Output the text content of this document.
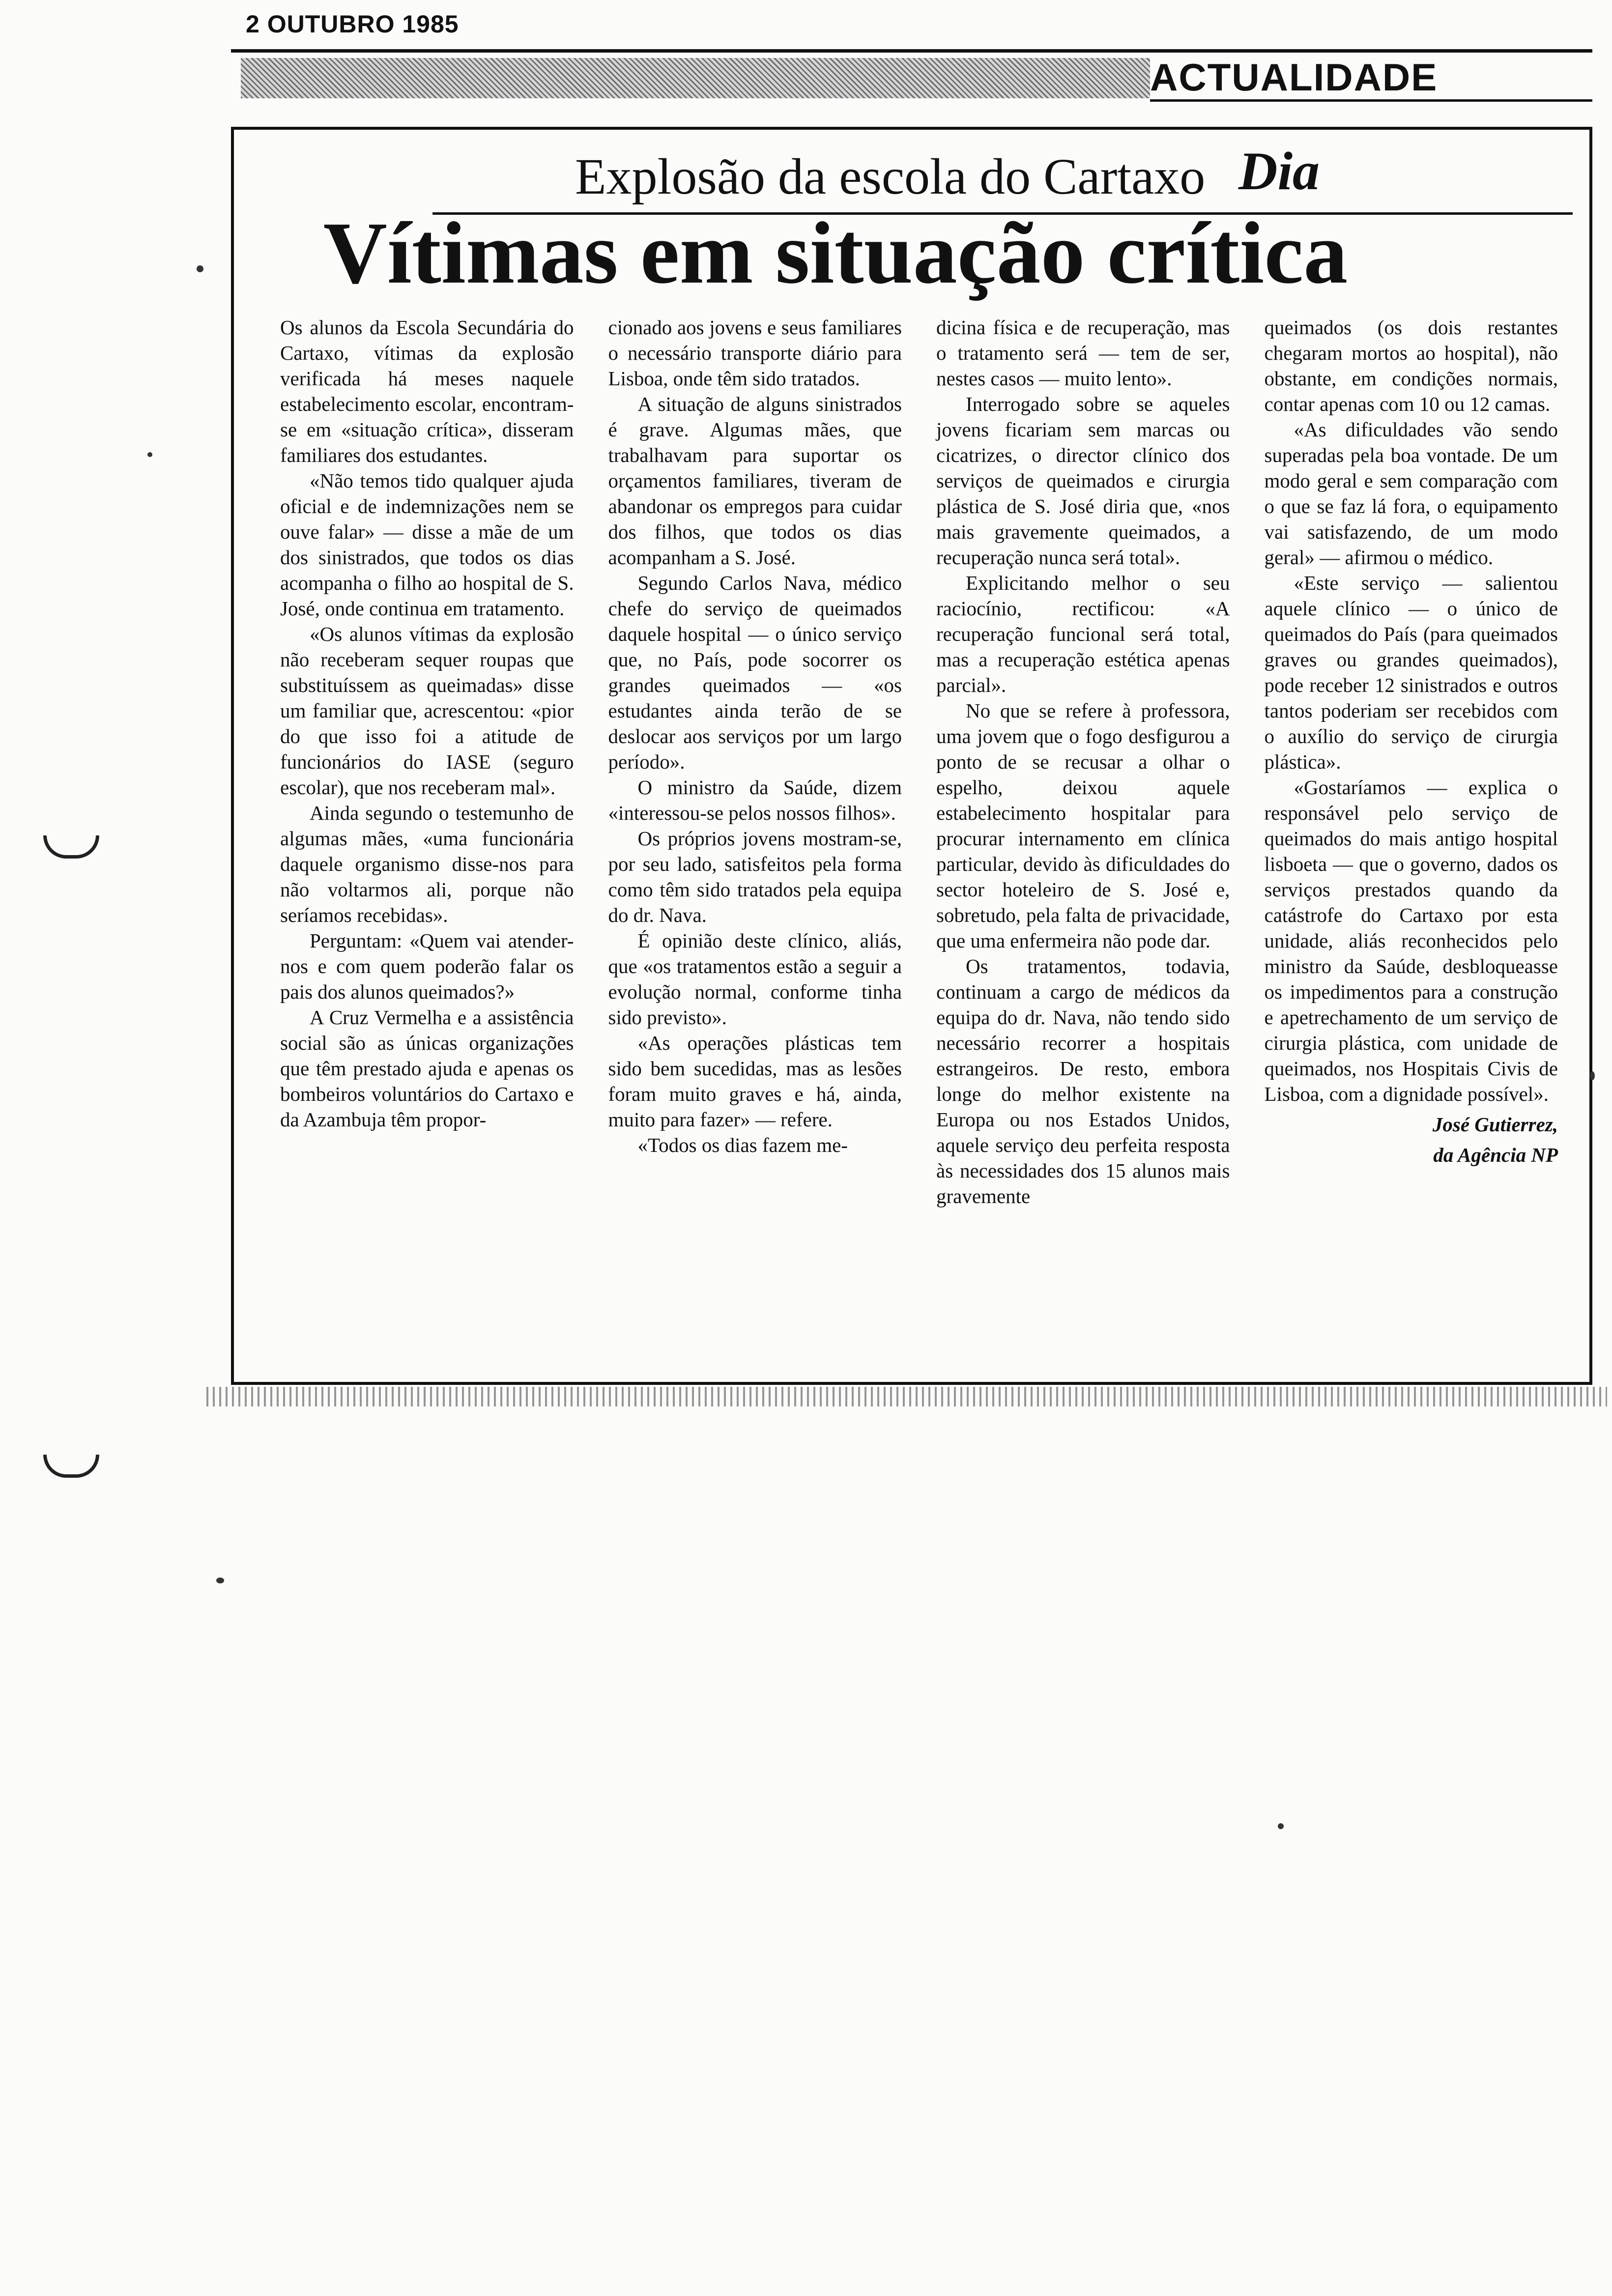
2 OUTUBRO 1985
ACTUALIDADE
Explosão da escola do Cartaxo Dia
Vítimas em situação crítica

Os alunos da Escola Secundária do Cartaxo, vítimas da explosão verificada há meses naquele estabelecimento escolar, encontram-se em «situação crítica», disseram familiares dos estudantes.

«Não temos tido qualquer ajuda oficial e de indemnizações nem se ouve falar» — disse a mãe de um dos sinistrados, que todos os dias acompanha o filho ao hospital de S. José, onde continua em tratamento.

«Os alunos vítimas da explosão não receberam sequer roupas que substituíssem as queimadas» disse um familiar que, acrescentou: «pior do que isso foi a atitude de funcionários do IASE (seguro escolar), que nos receberam mal».

Ainda segundo o testemunho de algumas mães, «uma funcionária daquele organismo disse-nos para não voltarmos ali, porque não seríamos recebidas».

Perguntam: «Quem vai atender-nos e com quem poderão falar os pais dos alunos queimados?»

A Cruz Vermelha e a assistência social são as únicas organizações que têm prestado ajuda e apenas os bombeiros voluntários do Cartaxo e da Azambuja têm propor-

cionado aos jovens e seus familiares o necessário transporte diário para Lisboa, onde têm sido tratados.

A situação de alguns sinistrados é grave. Algumas mães, que trabalhavam para suportar os orçamentos familiares, tiveram de abandonar os empregos para cuidar dos filhos, que todos os dias acompanham a S. José.

Segundo Carlos Nava, médico chefe do serviço de queimados daquele hospital — o único serviço que, no País, pode socorrer os grandes queimados — «os estudantes ainda terão de se deslocar aos serviços por um largo período».

O ministro da Saúde, dizem «interessou-se pelos nossos filhos».

Os próprios jovens mostram-se, por seu lado, satisfeitos pela forma como têm sido tratados pela equipa do dr. Nava.

É opinião deste clínico, aliás, que «os tratamentos estão a seguir a evolução normal, conforme tinha sido previsto».

«As operações plásticas tem sido bem sucedidas, mas as lesões foram muito graves e há, ainda, muito para fazer» — refere.

«Todos os dias fazem me-

dicina física e de recuperação, mas o tratamento será — tem de ser, nestes casos — muito lento».

Interrogado sobre se aqueles jovens ficariam sem marcas ou cicatrizes, o director clínico dos serviços de queimados e cirurgia plástica de S. José diria que, «nos mais gravemente queimados, a recuperação nunca será total».

Explicitando melhor o seu raciocínio, rectificou: «A recuperação funcional será total, mas a recuperação estética apenas parcial».

No que se refere à professora, uma jovem que o fogo desfigurou a ponto de se recusar a olhar o espelho, deixou aquele estabelecimento hospitalar para procurar internamento em clínica particular, devido às dificuldades do sector hoteleiro de S. José e, sobretudo, pela falta de privacidade, que uma enfermeira não pode dar.

Os tratamentos, todavia, continuam a cargo de médicos da equipa do dr. Nava, não tendo sido necessário recorrer a hospitais estrangeiros. De resto, embora longe do melhor existente na Europa ou nos Estados Unidos, aquele serviço deu perfeita resposta às necessidades dos 15 alunos mais gravemente

queimados (os dois restantes chegaram mortos ao hospital), não obstante, em condições normais, contar apenas com 10 ou 12 camas.

«As dificuldades vão sendo superadas pela boa vontade. De um modo geral e sem comparação com o que se faz lá fora, o equipamento vai satisfazendo, de um modo geral» — afirmou o médico.

«Este serviço — salientou aquele clínico — o único de queimados do País (para queimados graves ou grandes queimados), pode receber 12 sinistrados e outros tantos poderiam ser recebidos com o auxílio do serviço de cirurgia plástica».

«Gostaríamos — explica o responsável pelo serviço de queimados do mais antigo hospital lisboeta — que o governo, dados os serviços prestados quando da catástrofe do Cartaxo por esta unidade, aliás reconhecidos pelo ministro da Saúde, desbloqueasse os impedimentos para a construção e apetrechamento de um serviço de cirurgia plástica, com unidade de queimados, nos Hospitais Civis de Lisboa, com a dignidade possível».

José Gutierrez,
da Agência NP
